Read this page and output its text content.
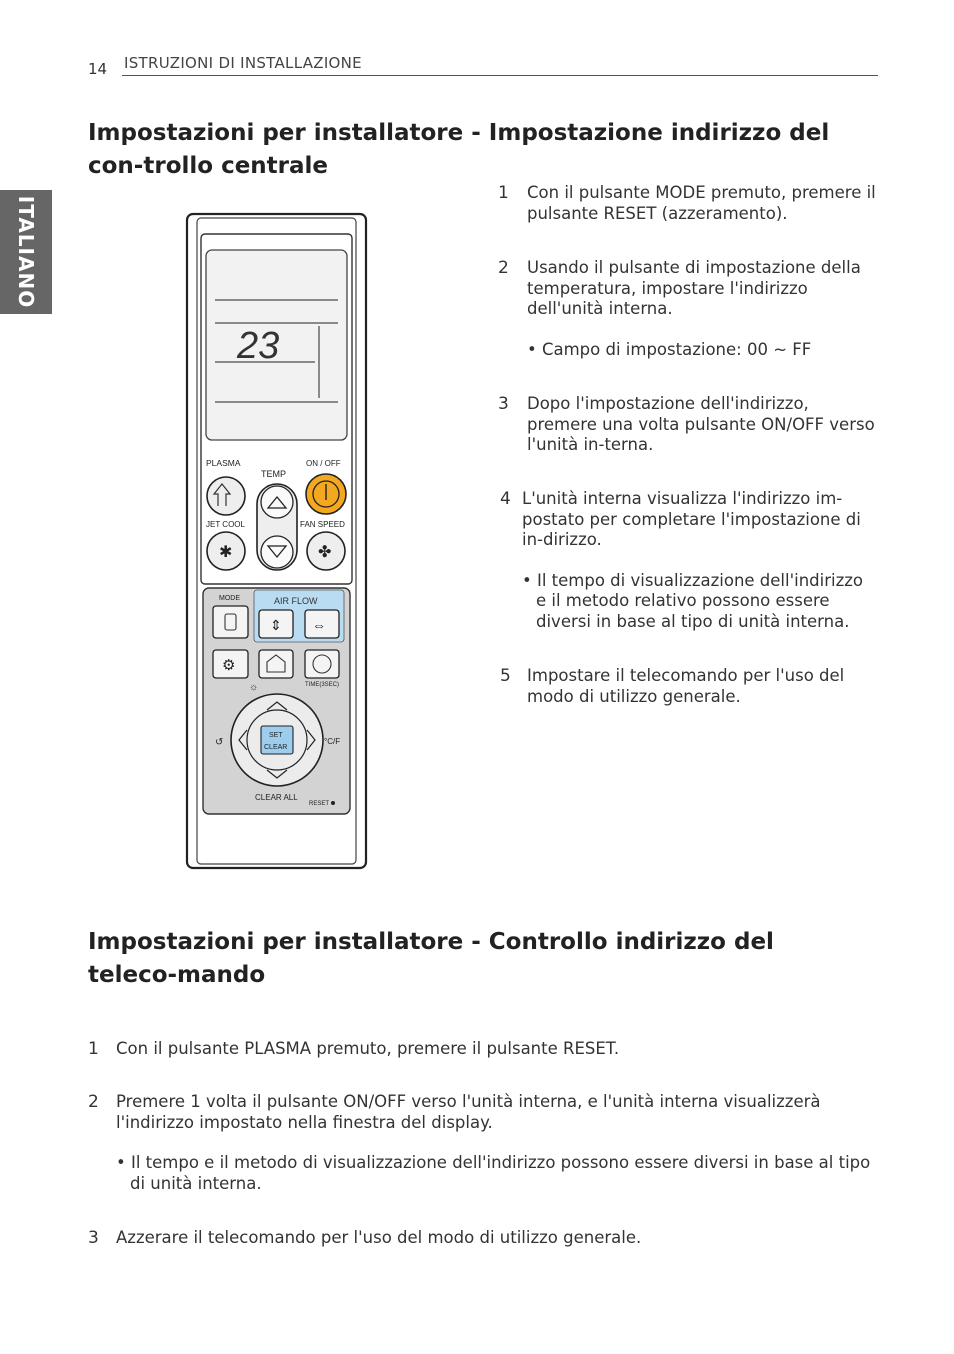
14 ISTRUZIONI DI INSTALLAZIONE
ITALIANO
Impostazioni per installatore - Impostazione indirizzo del con-trollo centrale
1 Con il pulsante MODE premuto, premere il pulsante RESET (azzeramento).
2 Usando il pulsante di impostazione della temperatura, impostare l'indirizzo dell'unità interna.
• Campo di impostazione: 00 ~ FF
3 Dopo l'impostazione dell'indirizzo, premere una volta pulsante ON/OFF verso l'unità in-terna.
4 L'unità interna visualizza l'indirizzo im-postato per completare l'impostazione di in-dirizzo.
• Il tempo di visualizzazione dell'indirizzo e il metodo relativo possono essere diversi in base al tipo di unità interna.
5 Impostare il telecomando per l'uso del modo di utilizzo generale.
23
PLASMA
TEMP
ON / OFF
JET COOL	FAN SPEED
✱	✤
MODE	AIR FLOW
⇕ ⇔
⚙
TIME(3SEC)
☼
SET
CLEAR
°C/F
↺
CLEAR ALL
RESET
Impostazioni per installatore - Controllo indirizzo del teleco-mando
1 Con il pulsante PLASMA premuto, premere il pulsante RESET.
2 Premere 1 volta il pulsante ON/OFF verso l'unità interna, e l'unità interna visualizzerà l'indirizzo impostato nella finestra del display.
• Il tempo e il metodo di visualizzazione dell'indirizzo possono essere diversi in base al tipo di unità interna.
3 Azzerare il telecomando per l'uso del modo di utilizzo generale.
